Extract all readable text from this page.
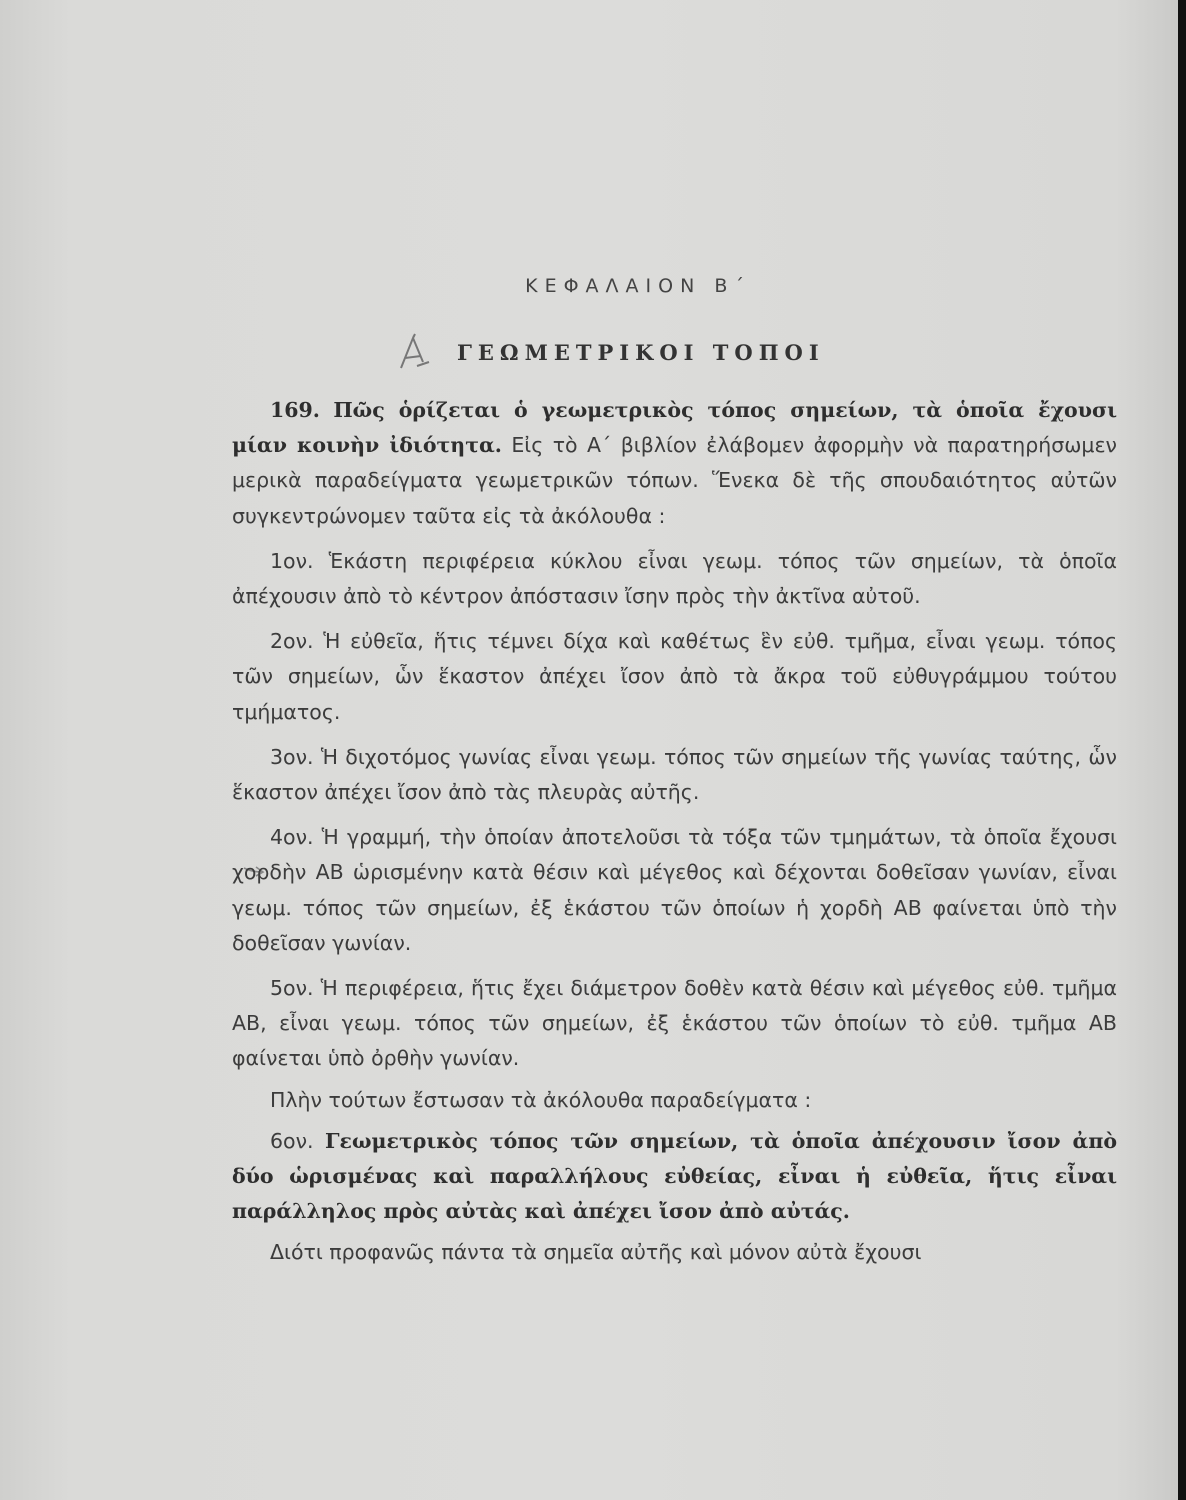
ΚΕΦΑΛΑΙΟΝ Β΄
ΓΕΩΜΕΤΡΙΚΟΙ ΤΟΠΟΙ

169. Πῶς ὁρίζεται ὁ γεωμετρικὸς τόπος σημείων, τὰ ὁποῖα ἔχουσι μίαν κοινὴν ἰδιότητα. Εἰς τὸ Α΄ βιβλίον ἐλάβομεν ἀφορμὴν νὰ παρατηρήσωμεν μερικὰ παραδείγματα γεωμετρικῶν τόπων. Ἕνεκα δὲ τῆς σπουδαιότητος αὐτῶν συγκεντρώνομεν ταῦτα εἰς τὰ ἀκόλουθα :

1ον. Ἑκάστη περιφέρεια κύκλου εἶναι γεωμ. τόπος τῶν σημείων, τὰ ὁποῖα ἀπέχουσιν ἀπὸ τὸ κέντρον ἀπόστασιν ἴσην πρὸς τὴν ἀκτῖνα αὐτοῦ.

2ον. Ἡ εὐθεῖα, ἥτις τέμνει δίχα καὶ καθέτως ἓν εὐθ. τμῆμα, εἶναι γεωμ. τόπος τῶν σημείων, ὧν ἕκαστον ἀπέχει ἴσον ἀπὸ τὰ ἄκρα τοῦ εὐθυγράμμου τούτου τμήματος.

3ον. Ἡ διχοτόμος γωνίας εἶναι γεωμ. τόπος τῶν σημείων τῆς γωνίας ταύτης, ὧν ἕκαστον ἀπέχει ἴσον ἀπὸ τὰς πλευρὰς αὐτῆς.

4ον. Ἡ γραμμή, τὴν ὁποίαν ἀποτελοῦσι τὰ τόξα τῶν τμημάτων, τὰ ὁποῖα ἔχουσι χορδὴν ΑΒ ὡρισμένην κατὰ θέσιν καὶ μέγεθος καὶ δέχονται δοθεῖσαν γωνίαν, εἶναι γεωμ. τόπος τῶν σημείων, ἐξ ἑκάστου τῶν ὁποίων ἡ χορδὴ ΑΒ φαίνεται ὑπὸ τὴν δοθεῖσαν γωνίαν.

5ον. Ἡ περιφέρεια, ἥτις ἔχει διάμετρον δοθὲν κατὰ θέσιν καὶ μέγεθος εὐθ. τμῆμα ΑΒ, εἶναι γεωμ. τόπος τῶν σημείων, ἐξ ἑκάστου τῶν ὁποίων τὸ εὐθ. τμῆμα ΑΒ φαίνεται ὑπὸ ὀρθὴν γωνίαν.

Πλὴν τούτων ἔστωσαν τὰ ἀκόλουθα παραδείγματα :

6ον. Γεωμετρικὸς τόπος τῶν σημείων, τὰ ὁποῖα ἀπέχουσιν ἴσον ἀπὸ δύο ὡρισμένας καὶ παραλλήλους εὐθείας, εἶναι ἡ εὐθεῖα, ἥτις εἶναι παράλληλος πρὸς αὐτὰς καὶ ἀπέχει ἴσον ἀπὸ αὐτάς.

Διότι προφανῶς πάντα τὰ σημεῖα αὐτῆς καὶ μόνον αὐτὰ ἔχουσι
